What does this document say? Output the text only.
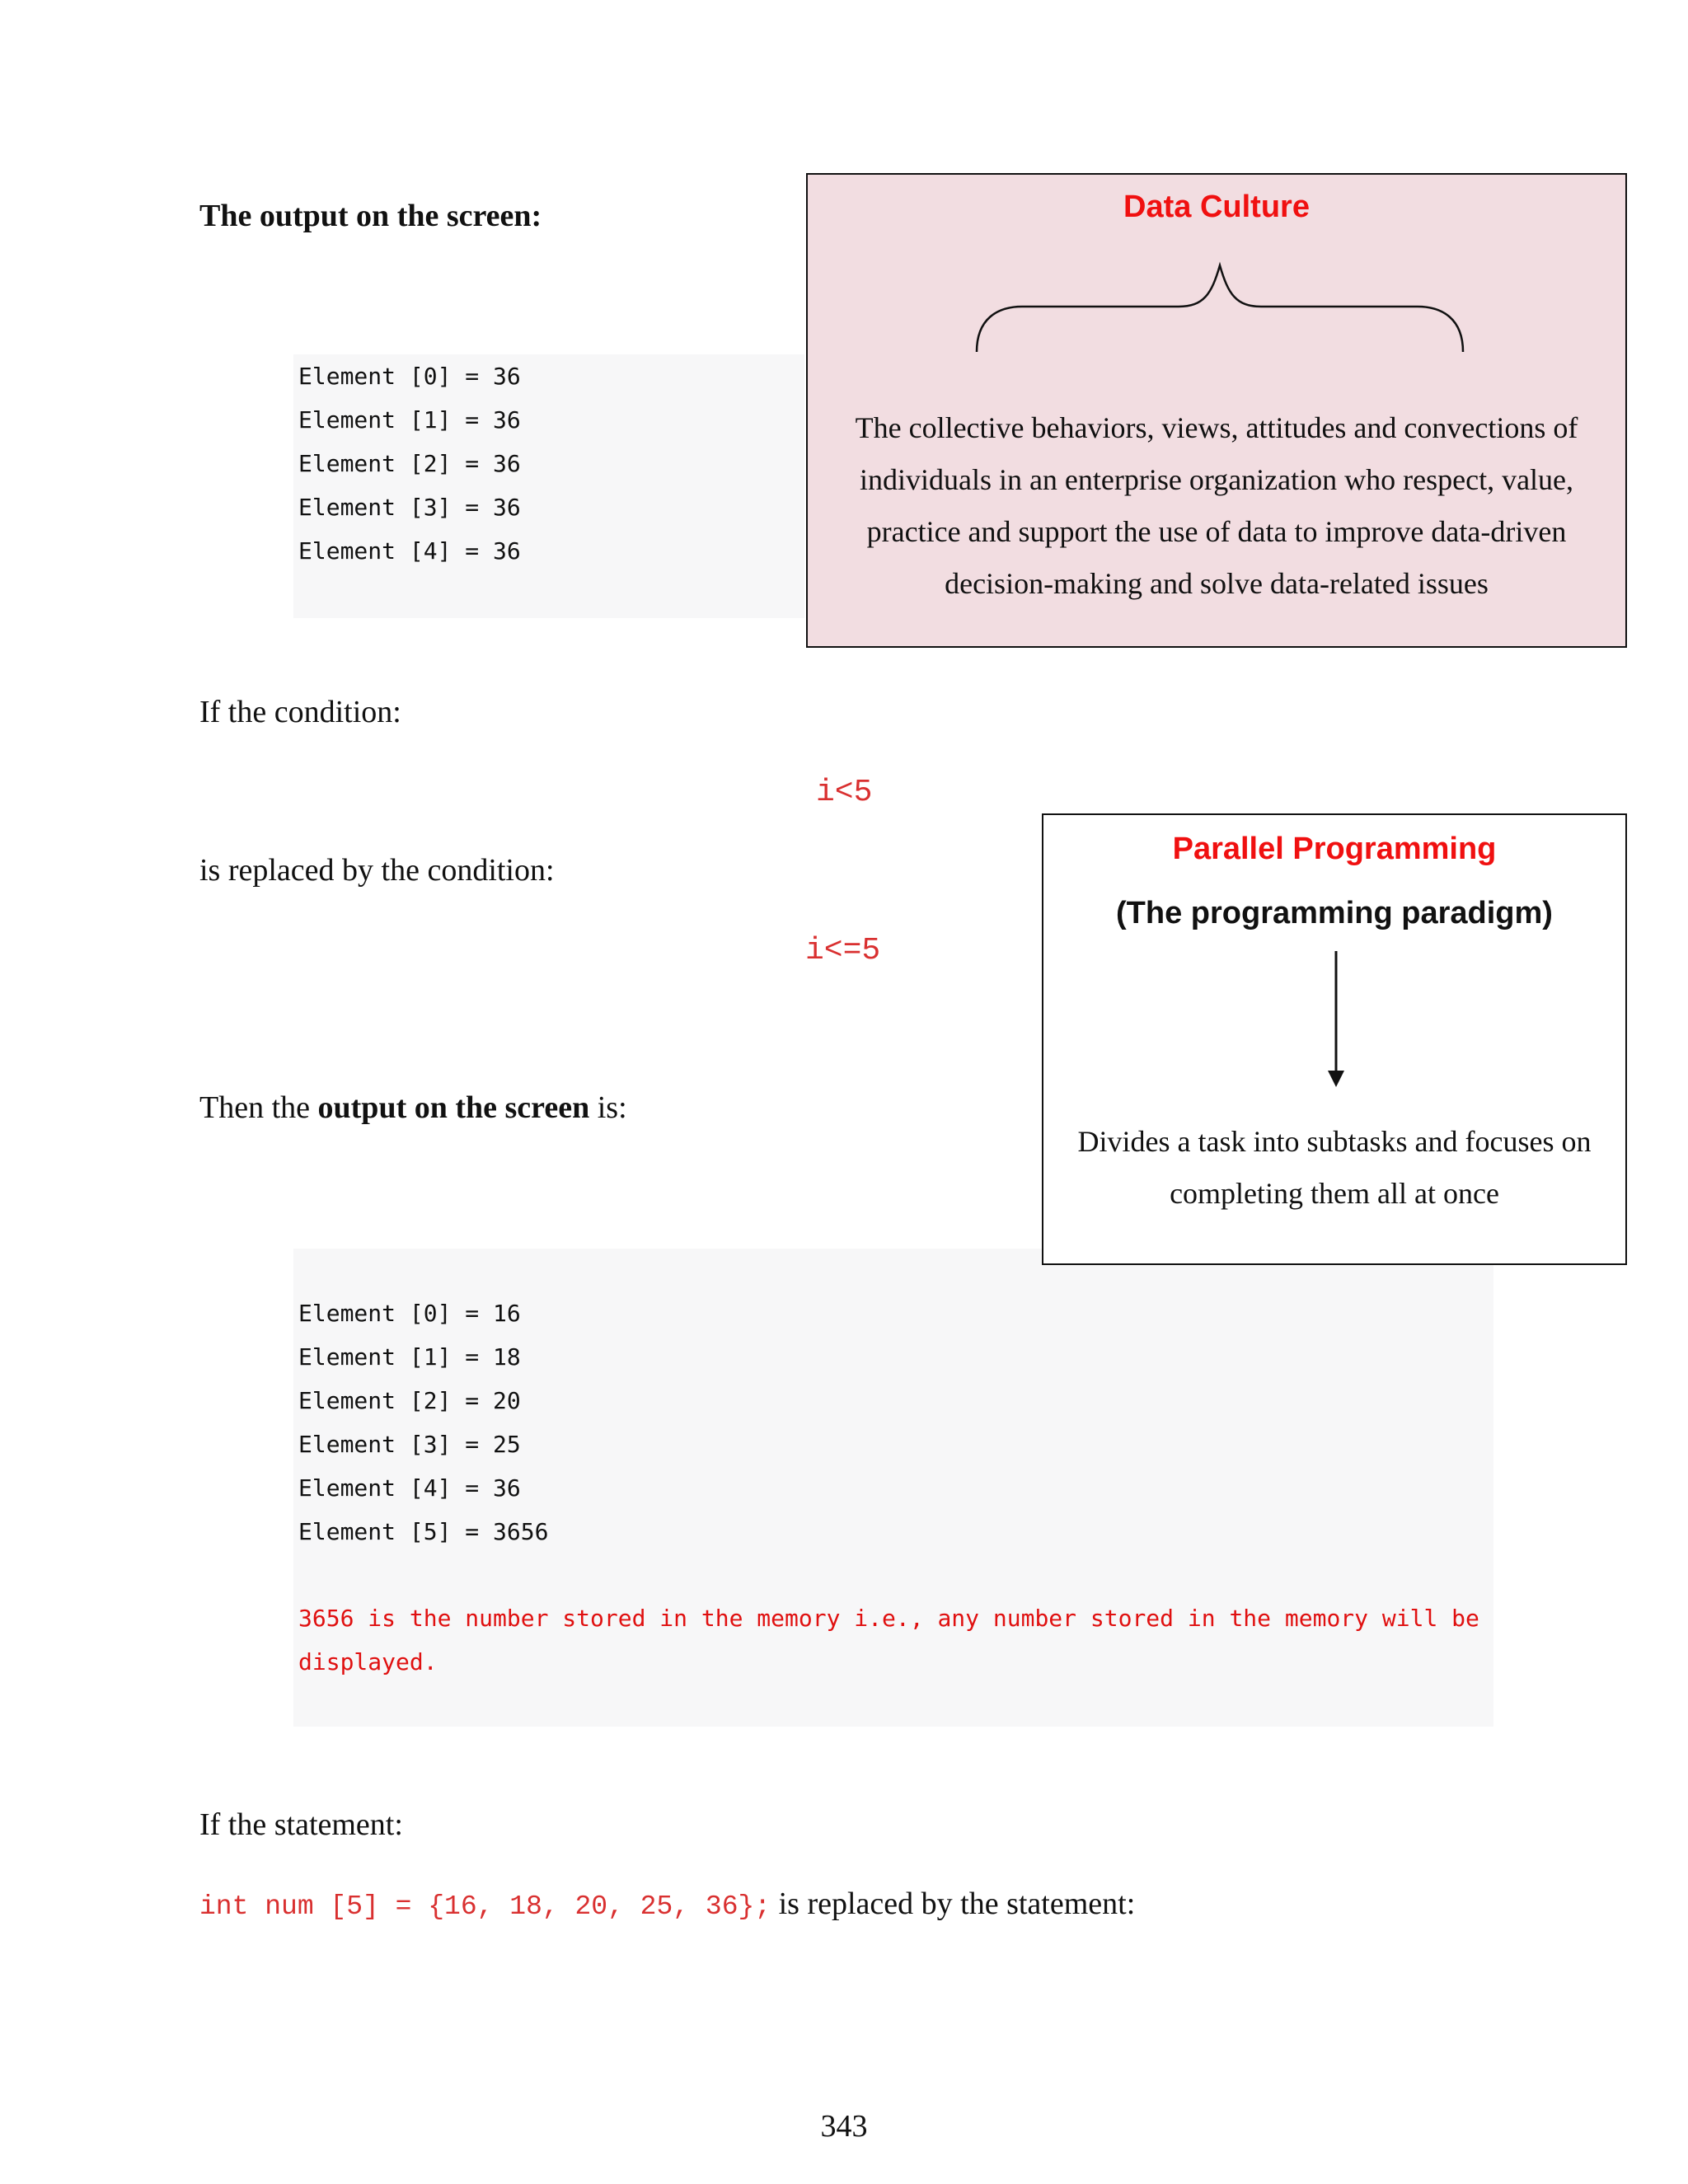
The output on the screen:
Element [0] = 36
Element [1] = 36
Element [2] = 36
Element [3] = 36
Element [4] = 36
Data Culture
The collective behaviors, views, attitudes and convections of
individuals in an enterprise organization who respect, value,
practice and support the use of data to improve data-driven
decision-making and solve data-related issues
If the condition:
i<5
is replaced by the condition:
i<=5
Then the output on the screen is:
Element [0] = 16
Element [1] = 18
Element [2] = 20
Element [3] = 25
Element [4] = 36
Element [5] = 3656
3656 is the number stored in the memory i.e., any number stored in the memory will be
displayed.
Parallel Programming
(The programming paradigm)
Divides a task into subtasks and focuses on
completing them all at once
If the statement:
int num [5] = {16, 18, 20, 25, 36}; is replaced by the statement:
343
